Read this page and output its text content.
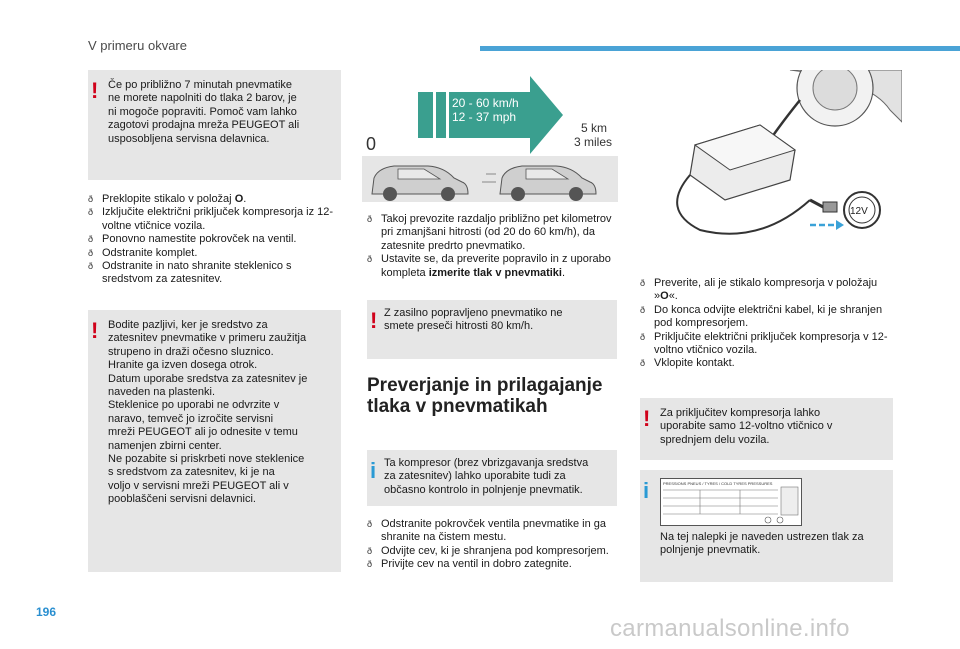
V primeru okvare
! Če po približno 7 minutah pnevmatike
ne morete napolniti do tlaka 2 barov, je
ni mogoče popraviti. Pomoč vam lahko
zagotovi prodajna mreža PEUGEOT ali
usposobljena servisna delavnica.
ð Preklopite stikalo v položaj O.
ð Izključite električni priključek kompresorja iz 12-voltne vtičnice vozila.
ð Ponovno namestite pokrovček na ventil.
ð Odstranite komplet.
ð Odstranite in nato shranite steklenico s sredstvom za zatesnitev.
! Bodite pazljivi, ker je sredstvo za
zatesnitev pnevmatike v primeru zaužitja
strupeno in draži očesno sluznico.
Hranite ga izven dosega otrok.
Datum uporabe sredstva za zatesnitev je
naveden na plastenki.
Steklenice po uporabi ne odvrzite v
naravo, temveč jo izročite servisni
mreži PEUGEOT ali jo odnesite v temu
namenjen zbirni center.
Ne pozabite si priskrbeti nove steklenice
s sredstvom za zatesnitev, ki je na
voljo v servisni mreži PEUGEOT ali v
pooblaščeni servisni delavnici.
20 - 60 km/h
12 - 37 mph
0
5 km
3 miles
ð Takoj prevozite razdaljo približno pet kilometrov pri zmanjšani hitrosti (od 20 do 60 km/h), da zatesnite predrto pnevmatiko.
ð Ustavite se, da preverite popravilo in z uporabo kompleta izmerite tlak v pnevmatiki.
! Z zasilno popravljeno pnevmatiko ne
smete preseči hitrosti 80 km/h.
Preverjanje in prilagajanje
tlaka v pnevmatikah
i Ta kompresor (brez vbrizgavanja sredstva
za zatesnitev) lahko uporabite tudi za
občasno kontrolo in polnjenje pnevmatik.
ð Odstranite pokrovček ventila pnevmatike in ga shranite na čistem mestu.
ð Odvijte cev, ki je shranjena pod kompresorjem.
ð Privijte cev na ventil in dobro zategnite.
12V
ð Preverite, ali je stikalo kompresorja v položaju »O«.
ð Do konca odvijte električni kabel, ki je shranjen pod kompresorjem.
ð Priključite električni priključek kompresorja v 12-voltno vtičnico vozila.
ð Vklopite kontakt.
! Za priključitev kompresorja lahko
uporabite samo 12-voltno vtičnico v
sprednjem delu vozila.
i	PRESSIONS PNEUS / TYRES / COLD TYRES PRESSURES
Na tej nalepki je naveden ustrezen tlak za
polnjenje pnevmatik.
196
carmanualsonline.info
